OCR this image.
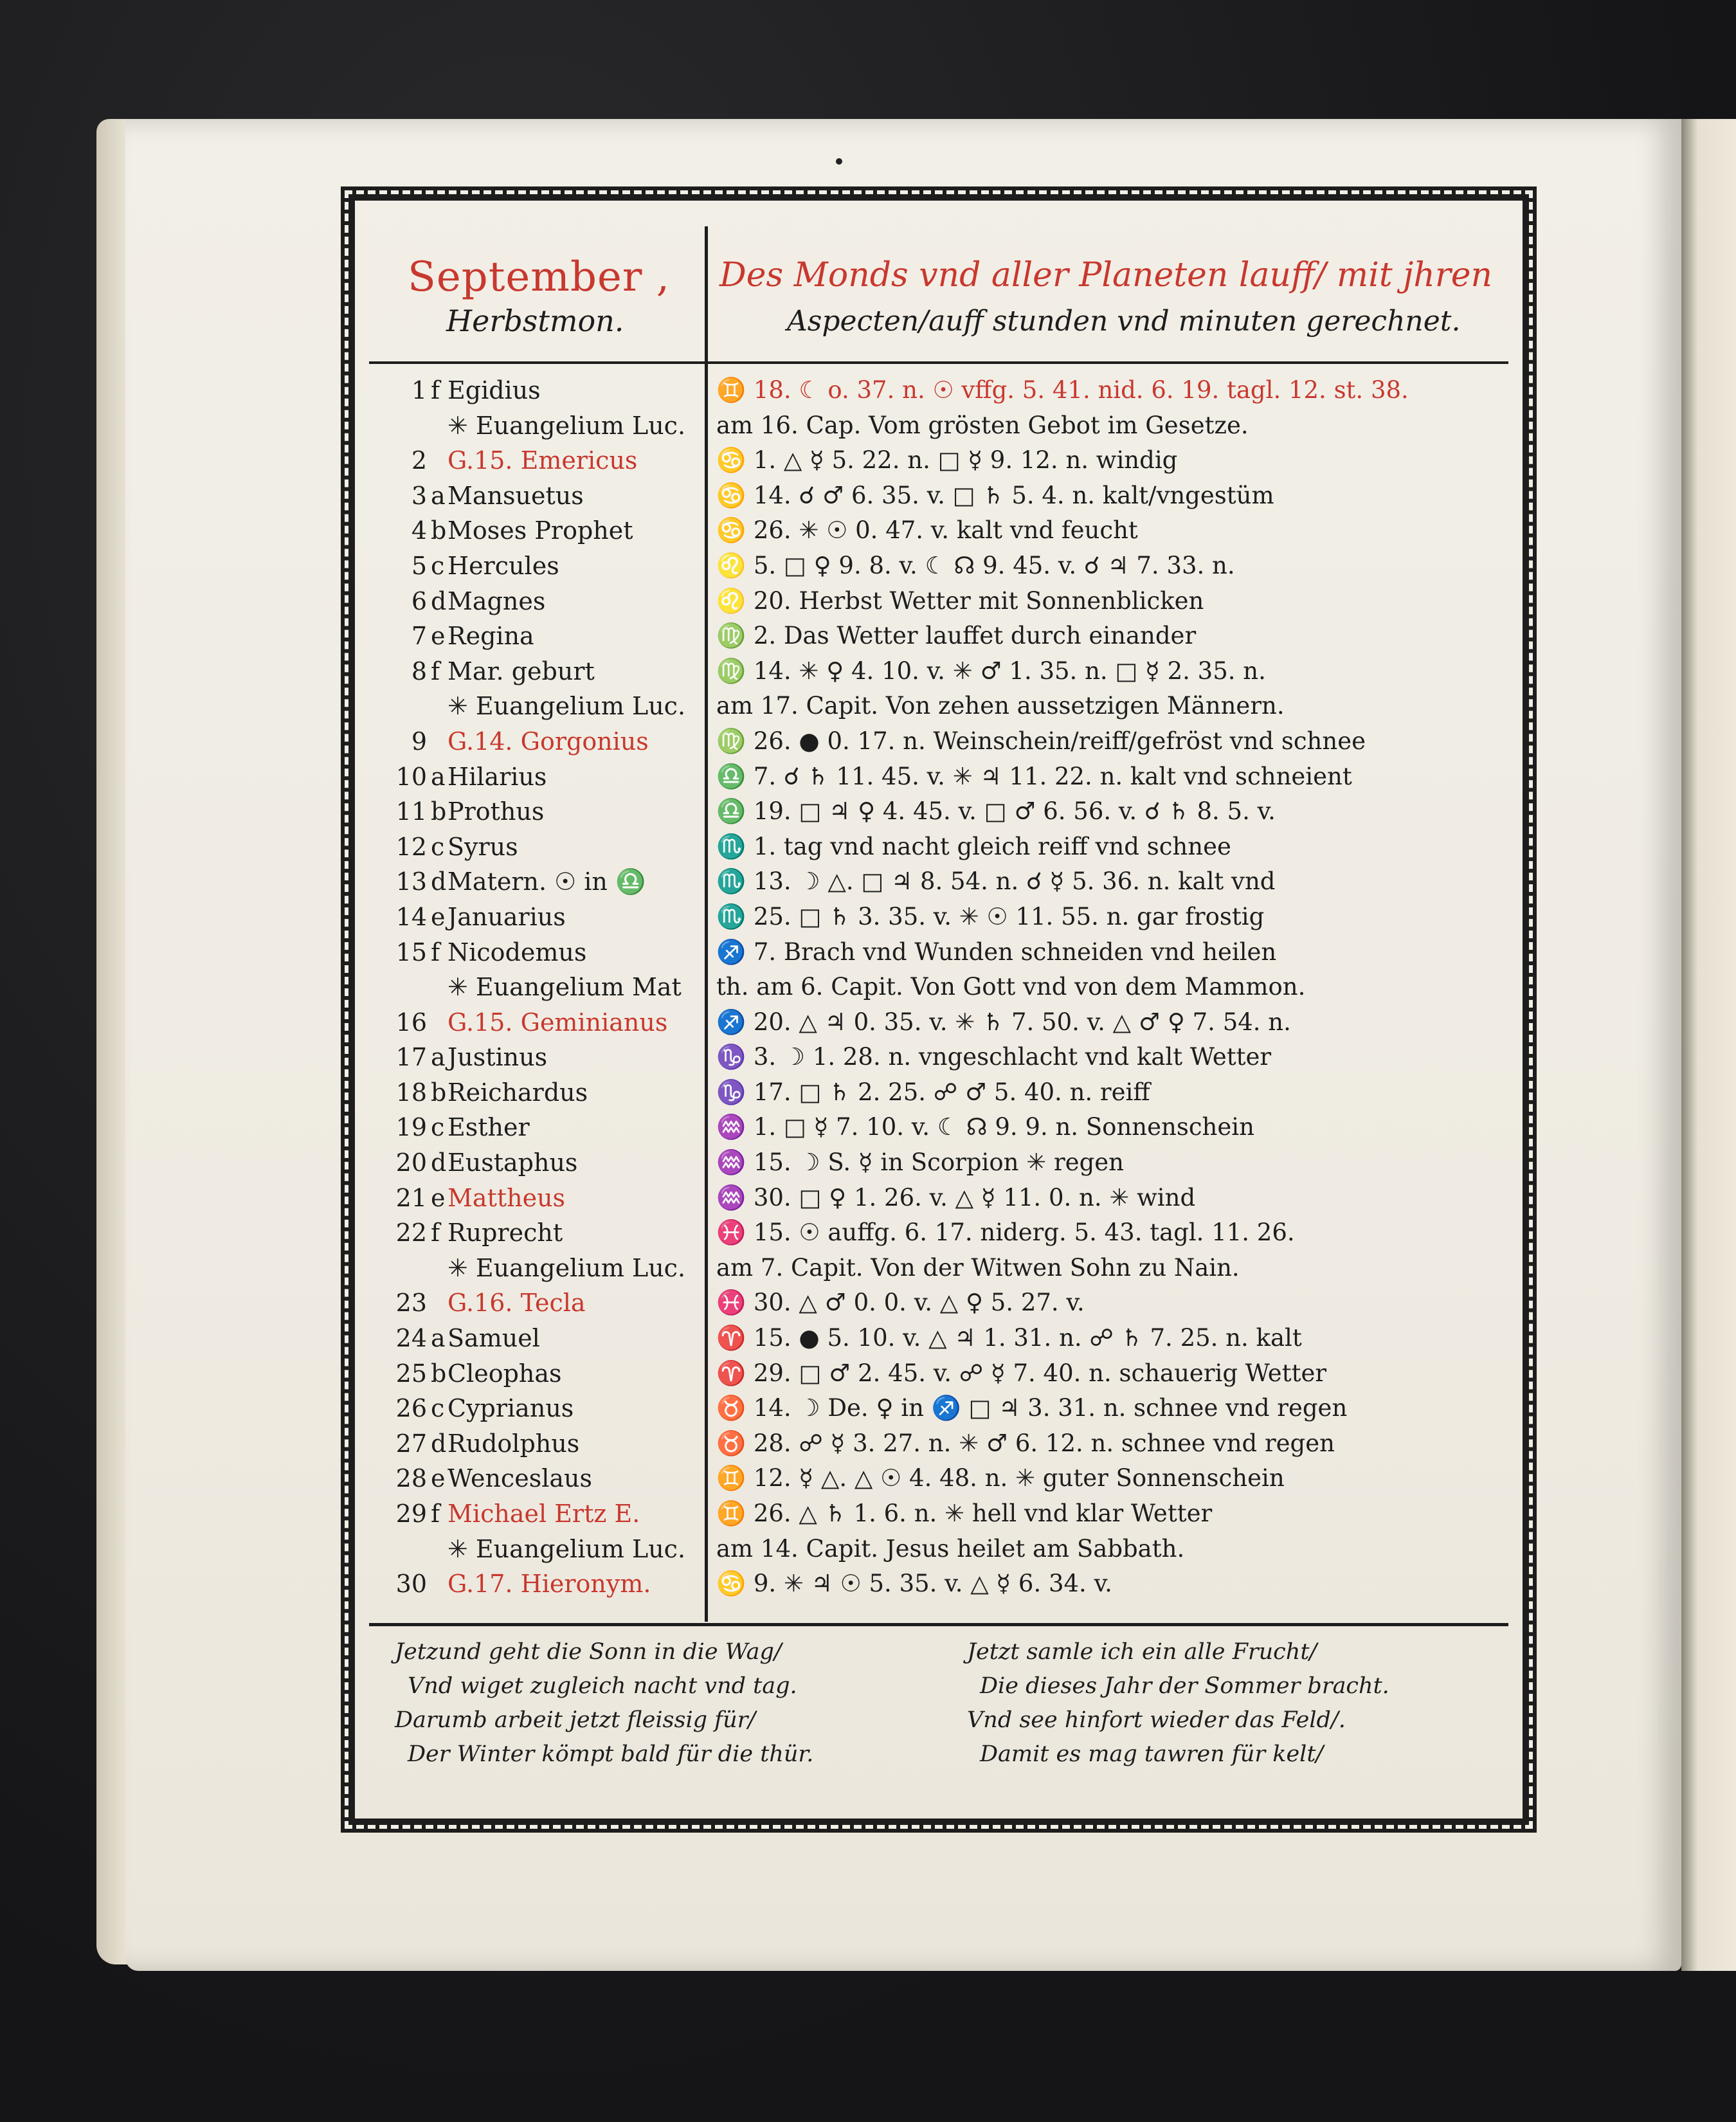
September ,
Herbstmon.
Des Monds vnd aller Planeten lauff/ mit jhren
Aspecten/auff stunden vnd minuten gerechnet.
1 f Egidius	♊ 18. ☾ o. 37. n. ☉ vffg. 5. 41. nid. 6. 19. tagl. 12. st. 38.
✳ Euangelium Luc.	am 16. Cap. Vom grösten Gebot im Gesetze.
2 G.15. Emericus	♋ 1. △ ☿ 5. 22. n. □ ☿ 9. 12. n. windig
3 aMansuetus	♋ 14. ☌ ♂ 6. 35. v. □ ♄ 5. 4. n. kalt/vngestüm
4 bMoses Prophet	♋ 26. ✳ ☉ 0. 47. v. kalt vnd feucht
5 c Hercules	♌ 5. □ ♀ 9. 8. v. ☾ ☊ 9. 45. v. ☌ ♃ 7. 33. n.
6 dMagnes	♌ 20. Herbst Wetter mit Sonnenblicken
7 eRegina	♍ 2. Das Wetter lauffet durch einander
8 f Mar. geburt	♍ 14. ✳ ♀ 4. 10. v. ✳ ♂ 1. 35. n. □ ☿ 2. 35. n.
✳ Euangelium Luc.	am 17. Capit. Von zehen aussetzigen Männern.
9 G.14. Gorgonius	♍ 26. ● 0. 17. n. Weinschein/reiff/gefröst vnd schnee
10 aHilarius	♎ 7. ☌ ♄ 11. 45. v. ✳ ♃ 11. 22. n. kalt vnd schneient
11 bProthus	♎ 19. □ ♃ ♀ 4. 45. v. □ ♂ 6. 56. v. ☌ ♄ 8. 5. v.
12 c Syrus	♏ 1. tag vnd nacht gleich reiff vnd schnee
13 dMatern. ☉ in ♎	♏ 13. ☽ △. □ ♃ 8. 54. n. ☌ ☿ 5. 36. n. kalt vnd
14 eJanuarius	♏ 25. □ ♄ 3. 35. v. ✳ ☉ 11. 55. n. gar frostig
15 f Nicodemus	♐ 7. Brach vnd Wunden schneiden vnd heilen
✳ Euangelium Mat	th. am 6. Capit. Von Gott vnd von dem Mammon.
16 G.15. Geminianus	♐ 20. △ ♃ 0. 35. v. ✳ ♄ 7. 50. v. △ ♂ ♀ 7. 54. n.
17 aJustinus	♑ 3. ☽ 1. 28. n. vngeschlacht vnd kalt Wetter
18 bReichardus	♑ 17. □ ♄ 2. 25. ☍ ♂ 5. 40. n. reiff
19 c Esther	♒ 1. □ ☿ 7. 10. v. ☾ ☊ 9. 9. n. Sonnenschein
20 dEustaphus	♒ 15. ☽ S. ☿ in Scorpion ✳ regen
21 eMattheus	♒ 30. □ ♀ 1. 26. v. △ ☿ 11. 0. n. ✳ wind
22 f Ruprecht	♓ 15. ☉ auffg. 6. 17. niderg. 5. 43. tagl. 11. 26.
✳ Euangelium Luc.	am 7. Capit. Von der Witwen Sohn zu Nain.
23 G.16. Tecla	♓ 30. △ ♂ 0. 0. v. △ ♀ 5. 27. v.
24 aSamuel	♈ 15. ● 5. 10. v. △ ♃ 1. 31. n. ☍ ♄ 7. 25. n. kalt
25 bCleophas	♈ 29. □ ♂ 2. 45. v. ☍ ☿ 7. 40. n. schauerig Wetter
26 c Cyprianus	♉ 14. ☽ De. ♀ in ♐ □ ♃ 3. 31. n. schnee vnd regen
27 dRudolphus	♉ 28. ☍ ☿ 3. 27. n. ✳ ♂ 6. 12. n. schnee vnd regen
28 eWenceslaus	♊ 12. ☿ △. △ ☉ 4. 48. n. ✳ guter Sonnenschein
29 f Michael Ertz E.	♊ 26. △ ♄ 1. 6. n. ✳ hell vnd klar Wetter
✳ Euangelium Luc.	am 14. Capit. Jesus heilet am Sabbath.
30 G.17. Hieronym.	♋ 9. ✳ ♃ ☉ 5. 35. v. △ ☿ 6. 34. v.
Jetzund geht die Sonn in die Wag/
Vnd wiget zugleich nacht vnd tag.
Darumb arbeit jetzt fleissig für/
Der Winter kömpt bald für die thür.
Jetzt samle ich ein alle Frucht/
Die dieses Jahr der Sommer bracht.
Vnd see hinfort wieder das Feld/.
Damit es mag tawren für kelt/
